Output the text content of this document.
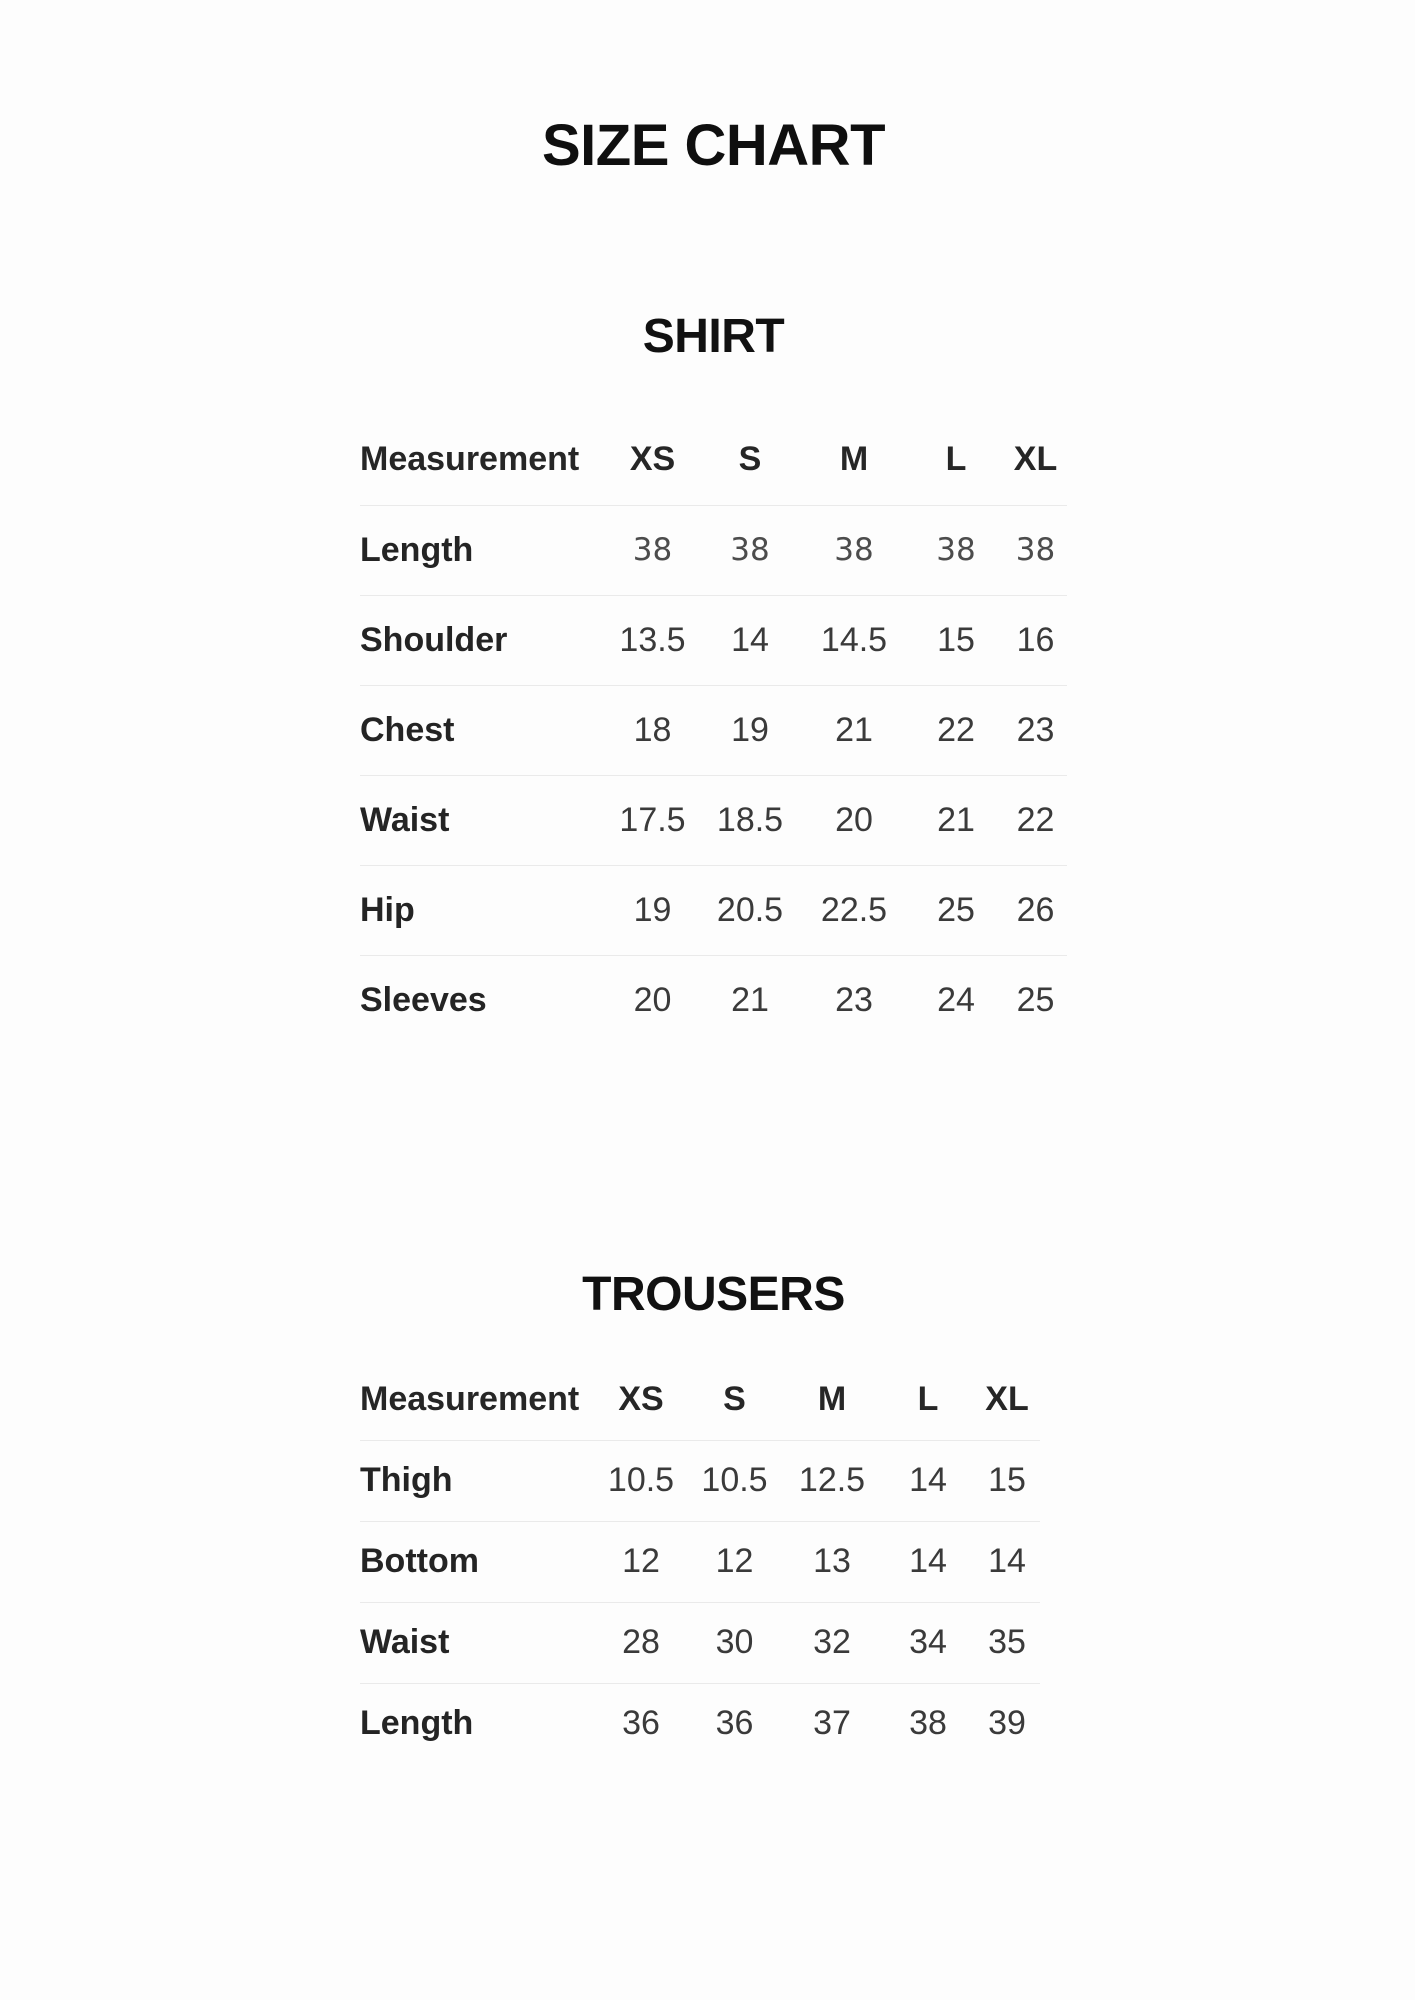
SIZE CHART
SHIRT
Measurement	XS	S	M	L	XL
Length	38	38	38	38	38
Shoulder	13.5	14	14.5	15	16
Chest	18	19	21	22	23
Waist	17.5	18.5	20	21	22
Hip	19	20.5	22.5	25	26
Sleeves	20	21	23	24	25
TROUSERS
Measurement	XS	S	M	L	XL
Thigh	10.5	10.5	12.5	14	15
Bottom	12	12	13	14	14
Waist	28	30	32	34	35
Length	36	36	37	38	39
